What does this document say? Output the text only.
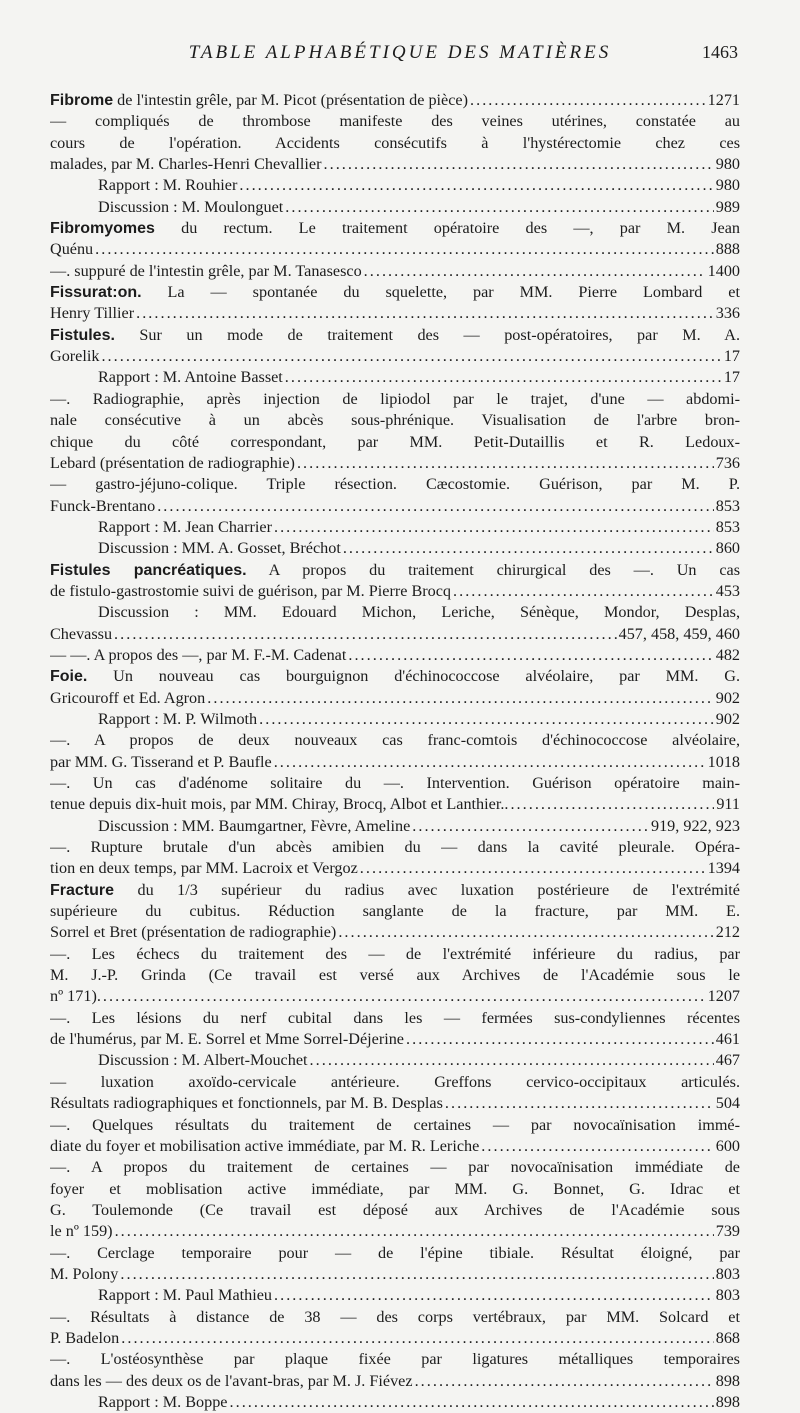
TABLE ALPHABÉTIQUE DES MATIÈRES	1463
Fibrome de l'intestin grêle, par M. Picot (présentation de pièce) . . .	1271
— compliqués de thrombose manifeste des veines utérines, constatée au
cours de l'opération. Accidents consécutifs à l'hystérectomie chez ces
malades, par M. Charles-Henri Chevallier . . .	980
Rapport : M. Rouhier . . .	980
Discussion : M. Moulonguet . . .	989
Fibromyomes du rectum. Le traitement opératoire des —, par M. Jean
Quénu . . .	888
—. suppuré de l'intestin grêle, par M. Tanasesco . . .	1400
Fissurat:on. La — spontanée du squelette, par MM. Pierre Lombard et
Henry Tillier . . .	336
Fistules. Sur un mode de traitement des — post-opératoires, par M. A.
Gorelik . . .	17
Rapport : M. Antoine Basset . . .	17
—. Radiographie, après injection de lipiodol par le trajet, d'une — abdomi-
nale consécutive à un abcès sous-phrénique. Visualisation de l'arbre bron-
chique du côté correspondant, par MM. Petit-Dutaillis et R. Ledoux-
Lebard (présentation de radiographie) . . .	736
— gastro-jéjuno-colique. Triple résection. Cæcostomie. Guérison, par M. P.
Funck-Brentano . . .	853
Rapport : M. Jean Charrier . . .	853
Discussion : MM. A. Gosset, Bréchot . . .	860
Fistules pancréatiques. A propos du traitement chirurgical des —. Un cas
de fistulo-gastrostomie suivi de guérison, par M. Pierre Brocq . . .	453
Discussion : MM. Edouard Michon, Leriche, Sénèque, Mondor, Desplas,
Chevassu . . .	457, 458, 459, 460
— —. A propos des —, par M. F.-M. Cadenat . . .	482
Foie. Un nouveau cas bourguignon d'échinococcose alvéolaire, par MM. G.
Gricouroff et Ed. Agron . . .	902
Rapport : M. P. Wilmoth . . .	902
—. A propos de deux nouveaux cas franc-comtois d'échinococcose alvéolaire,
par MM. G. Tisserand et P. Baufle . . .	1018
—. Un cas d'adénome solitaire du —. Intervention. Guérison opératoire main-
tenue depuis dix-huit mois, par MM. Chiray, Brocq, Albot et Lanthier.. . . .	911
Discussion : MM. Baumgartner, Fèvre, Ameline . . .	919, 922, 923
—. Rupture brutale d'un abcès amibien du — dans la cavité pleurale. Opéra-
tion en deux temps, par MM. Lacroix et Vergoz . . .	1394
Fracture du 1/3 supérieur du radius avec luxation postérieure de l'extrémité
supérieure du cubitus. Réduction sanglante de la fracture, par MM. E.
Sorrel et Bret (présentation de radiographie) . . .	212
—. Les échecs du traitement des — de l'extrémité inférieure du radius, par
M. J.-P. Grinda (Ce travail est versé aux Archives de l'Académie sous le
nº 171). . . .	1207
—. Les lésions du nerf cubital dans les — fermées sus-condyliennes récentes
de l'humérus, par M. E. Sorrel et Mme Sorrel-Déjerine . . .	461
Discussion : M. Albert-Mouchet . . .	467
— luxation axoïdo-cervicale antérieure. Greffons cervico-occipitaux articulés.
Résultats radiographiques et fonctionnels, par M. B. Desplas . . .	504
—. Quelques résultats du traitement de certaines — par novocaïnisation immé-
diate du foyer et mobilisation active immédiate, par M. R. Leriche . . .	600
—. A propos du traitement de certaines — par novocaïnisation immédiate de
foyer et moblisation active immédiate, par MM. G. Bonnet, G. Idrac et
G. Toulemonde (Ce travail est déposé aux Archives de l'Académie sous
le nº 159) . . .	739
—. Cerclage temporaire pour — de l'épine tibiale. Résultat éloigné, par
M. Polony . . .	803
Rapport : M. Paul Mathieu . . .	803
—. Résultats à distance de 38 — des corps vertébraux, par MM. Solcard et
P. Badelon . . .	868
—. L'ostéosynthèse par plaque fixée par ligatures métalliques temporaires
dans les — des deux os de l'avant-bras, par M. J. Fiévez . . .	898
Rapport : M. Boppe . . .	898
